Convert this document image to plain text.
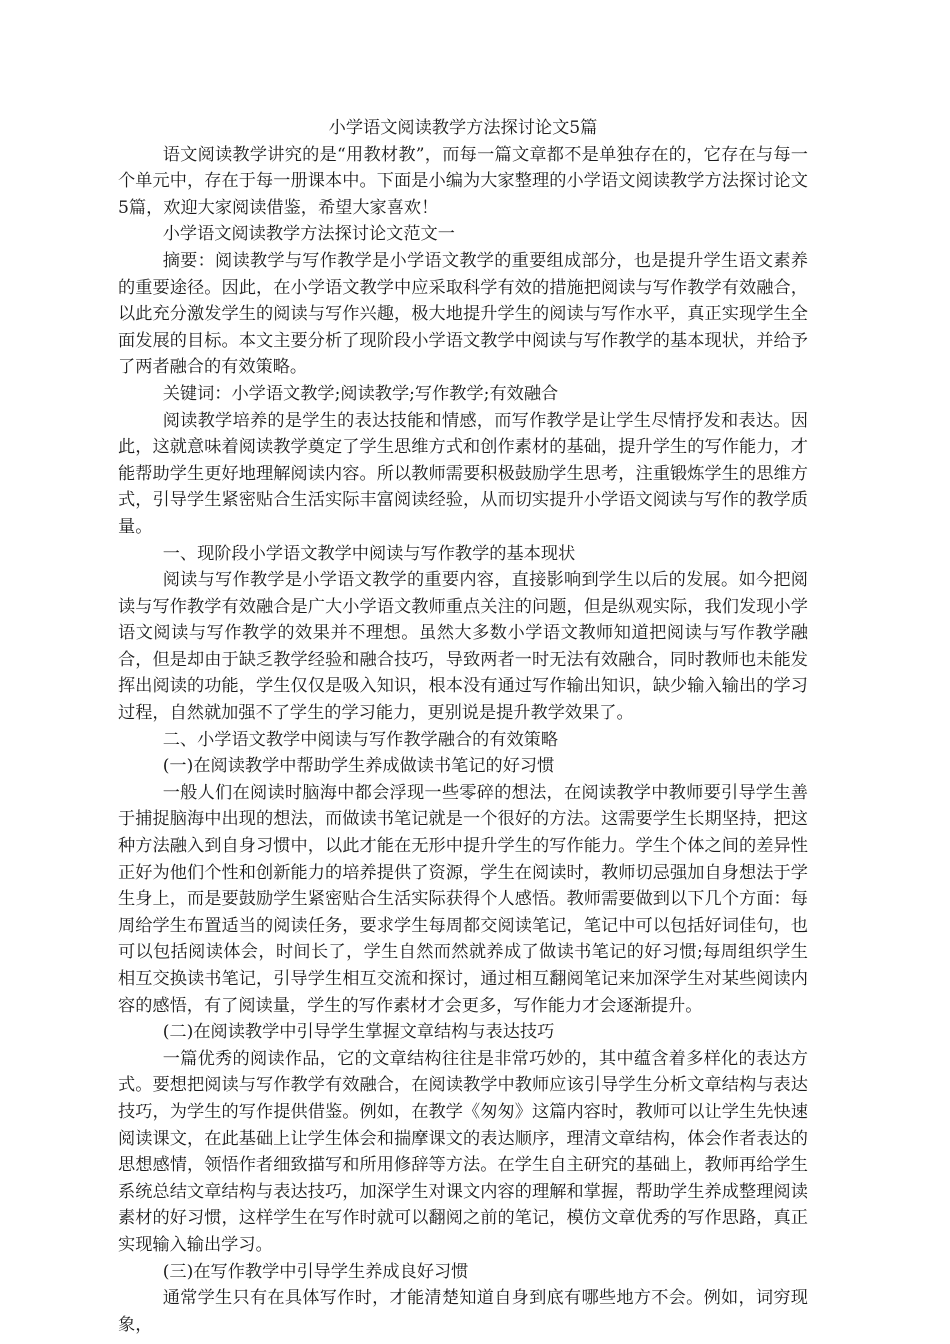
小学语文阅读教学方法探讨论文5篇

语文阅读教学讲究的是“用教材教”，而每一篇文章都不是单独存在的，它存在与每一个单元中，存在于每一册课本中。下面是小编为大家整理的小学语文阅读教学方法探讨论文5篇，欢迎大家阅读借鉴，希望大家喜欢！

小学语文阅读教学方法探讨论文范文一

摘要：阅读教学与写作教学是小学语文教学的重要组成部分，也是提升学生语文素养的重要途径。因此，在小学语文教学中应采取科学有效的措施把阅读与写作教学有效融合，以此充分激发学生的阅读与写作兴趣，极大地提升学生的阅读与写作水平，真正实现学生全面发展的目标。本文主要分析了现阶段小学语文教学中阅读与写作教学的基本现状，并给予了两者融合的有效策略。

关键词：小学语文教学;阅读教学;写作教学;有效融合

阅读教学培养的是学生的表达技能和情感，而写作教学是让学生尽情抒发和表达。因此，这就意味着阅读教学奠定了学生思维方式和创作素材的基础，提升学生的写作能力，才能帮助学生更好地理解阅读内容。所以教师需要积极鼓励学生思考，注重锻炼学生的思维方式，引导学生紧密贴合生活实际丰富阅读经验，从而切实提升小学语文阅读与写作的教学质量。

一、现阶段小学语文教学中阅读与写作教学的基本现状

阅读与写作教学是小学语文教学的重要内容，直接影响到学生以后的发展。如今把阅读与写作教学有效融合是广大小学语文教师重点关注的问题，但是纵观实际，我们发现小学语文阅读与写作教学的效果并不理想。虽然大多数小学语文教师知道把阅读与写作教学融合，但是却由于缺乏教学经验和融合技巧，导致两者一时无法有效融合，同时教师也未能发挥出阅读的功能，学生仅仅是吸入知识，根本没有通过写作输出知识，缺少输入输出的学习过程，自然就加强不了学生的学习能力，更别说是提升教学效果了。

二、小学语文教学中阅读与写作教学融合的有效策略

(一)在阅读教学中帮助学生养成做读书笔记的好习惯

一般人们在阅读时脑海中都会浮现一些零碎的想法，在阅读教学中教师要引导学生善于捕捉脑海中出现的想法，而做读书笔记就是一个很好的方法。这需要学生长期坚持，把这种方法融入到自身习惯中，以此才能在无形中提升学生的写作能力。学生个体之间的差异性正好为他们个性和创新能力的培养提供了资源，学生在阅读时，教师切忌强加自身想法于学生身上，而是要鼓励学生紧密贴合生活实际获得个人感悟。教师需要做到以下几个方面：每周给学生布置适当的阅读任务，要求学生每周都交阅读笔记，笔记中可以包括好词佳句，也可以包括阅读体会，时间长了，学生自然而然就养成了做读书笔记的好习惯;每周组织学生相互交换读书笔记，引导学生相互交流和探讨，通过相互翻阅笔记来加深学生对某些阅读内容的感悟，有了阅读量，学生的写作素材才会更多，写作能力才会逐渐提升。

(二)在阅读教学中引导学生掌握文章结构与表达技巧

一篇优秀的阅读作品，它的文章结构往往是非常巧妙的，其中蕴含着多样化的表达方式。要想把阅读与写作教学有效融合，在阅读教学中教师应该引导学生分析文章结构与表达技巧，为学生的写作提供借鉴。例如，在教学《匆匆》这篇内容时，教师可以让学生先快速阅读课文，在此基础上让学生体会和揣摩课文的表达顺序，理清文章结构，体会作者表达的思想感情，领悟作者细致描写和所用修辞等方法。在学生自主研究的基础上，教师再给学生系统总结文章结构与表达技巧，加深学生对课文内容的理解和掌握，帮助学生养成整理阅读素材的好习惯，这样学生在写作时就可以翻阅之前的笔记，模仿文章优秀的写作思路，真正实现输入输出学习。

(三)在写作教学中引导学生养成良好习惯

通常学生只有在具体写作时，才能清楚知道自身到底有哪些地方不会。例如，词穷现象，
